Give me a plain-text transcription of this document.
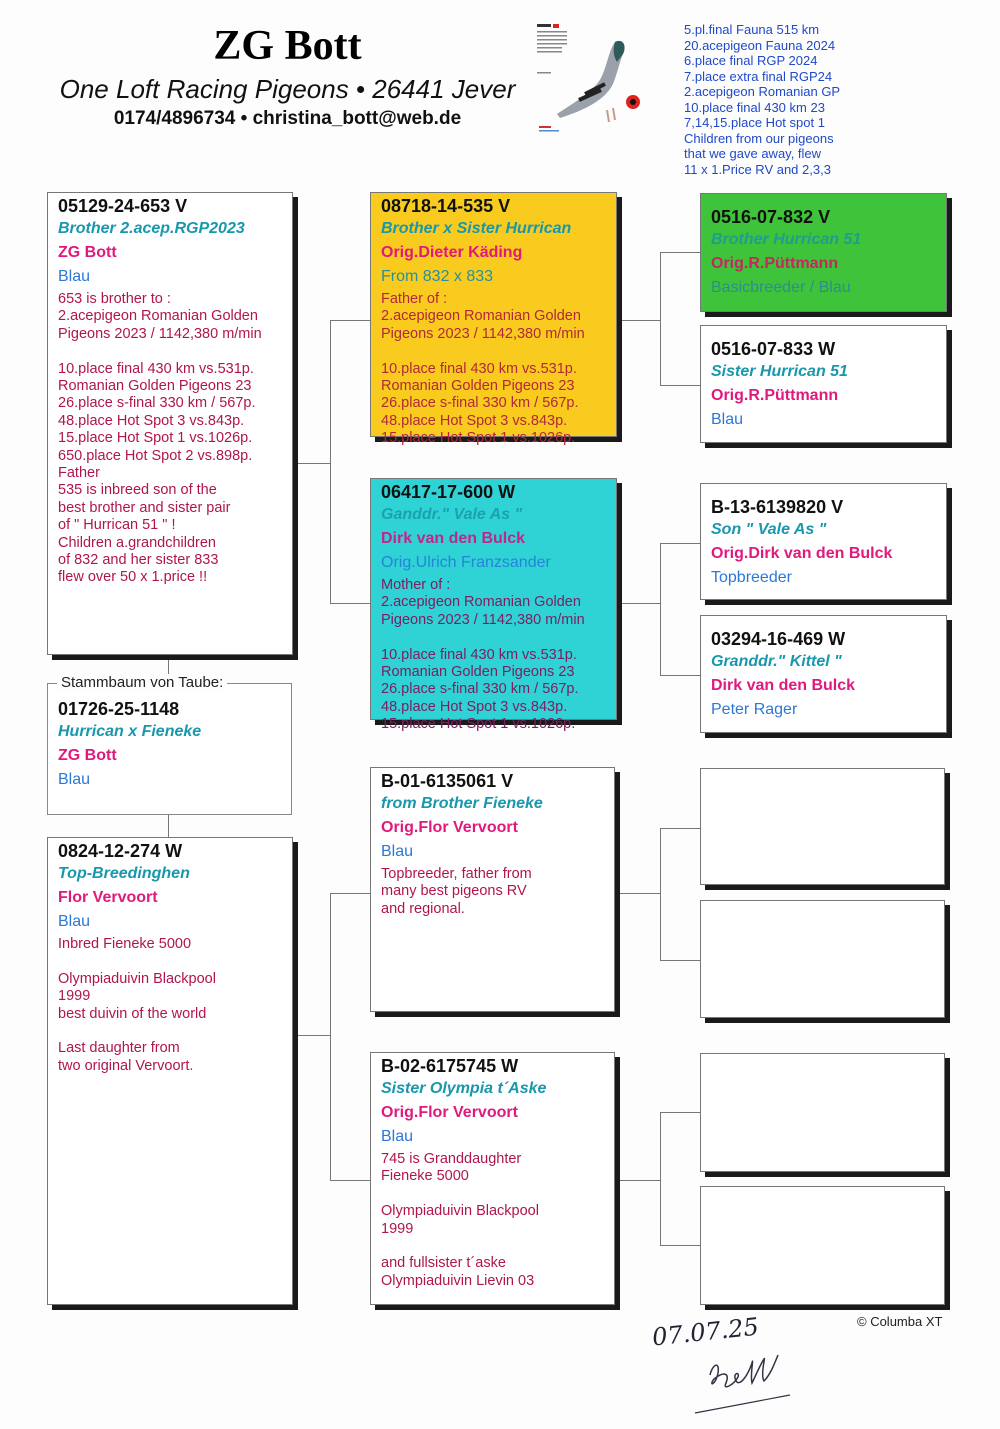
ZG Bott
One Loft Racing Pigeons • 26441 Jever
0174/4896734 • christina_bott@web.de
5.pl.final Fauna 515 km
20.acepigeon Fauna 2024
6.place final RGP 2024
7.place extra final RGP24
2.acepigeon Romanian GP
10.place final 430 km 23
7,14,15.place Hot spot 1
Children from our pigeons
that we gave away, flew
11 x 1.Price RV and 2,3,3
01726-25-1148
Hurrican x Fieneke
ZG Bott
Blau
Stammbaum von Taube:
05129-24-653 V
Brother 2.acep.RGP2023
ZG Bott
Blau
653 is brother to :
2.acepigeon Romanian Golden
Pigeons 2023 / 1142,380 m/min
10.place final 430 km vs.531p.
Romanian Golden Pigeons 23
26.place s-final 330 km / 567p.
48.place Hot Spot 3 vs.843p.
15.place Hot Spot 1 vs.1026p.
650.place Hot Spot 2 vs.898p.
Father
535 is inbreed son of the
best brother and sister pair
of " Hurrican 51 " !
Children a.grandchildren
of 832 and her sister 833
flew over 50 x 1.price !!
0824-12-274 W
Top-Breedinghen
Flor Vervoort
Blau
Inbred Fieneke 5000
Olympiaduivin Blackpool
1999
best duivin of the world
Last daughter from
two original Vervoort.
08718-14-535 V
Brother x Sister Hurrican
Orig.Dieter Käding
From 832 x 833
Father of :
2.acepigeon Romanian Golden
Pigeons 2023 / 1142,380 m/min
10.place final 430 km vs.531p.
Romanian Golden Pigeons 23
26.place s-final 330 km / 567p.
48.place Hot Spot 3 vs.843p.
15.place Hot Spot 1 vs.1026p.
06417-17-600 W
Ganddr." Vale As "
Dirk van den Bulck
Orig.Ulrich Franzsander
Mother of :
2.acepigeon Romanian Golden
Pigeons 2023 / 1142,380 m/min
10.place final 430 km vs.531p.
Romanian Golden Pigeons 23
26.place s-final 330 km / 567p.
48.place Hot Spot 3 vs.843p.
15.place Hot Spot 1 vs.1026p.
B-01-6135061 V
from Brother Fieneke
Orig.Flor Vervoort
Blau
Topbreeder, father from
many best pigeons RV
and regional.
B-02-6175745 W
Sister Olympia t´Aske
Orig.Flor Vervoort
Blau
745 is Granddaughter
Fieneke 5000
Olympiaduivin Blackpool
1999
and fullsister t´aske
Olympiaduivin Lievin 03
0516-07-832 V
Brother Hurrican 51
Orig.R.Püttmann
Basicbreeder / Blau
0516-07-833 W
Sister Hurrican 51
Orig.R.Püttmann
Blau
B-13-6139820 V
Son " Vale As "
Orig.Dirk van den Bulck
Topbreeder
03294-16-469 W
Granddr." Kittel "
Dirk van den Bulck
Peter Rager
© Columba XT
07.07.25
